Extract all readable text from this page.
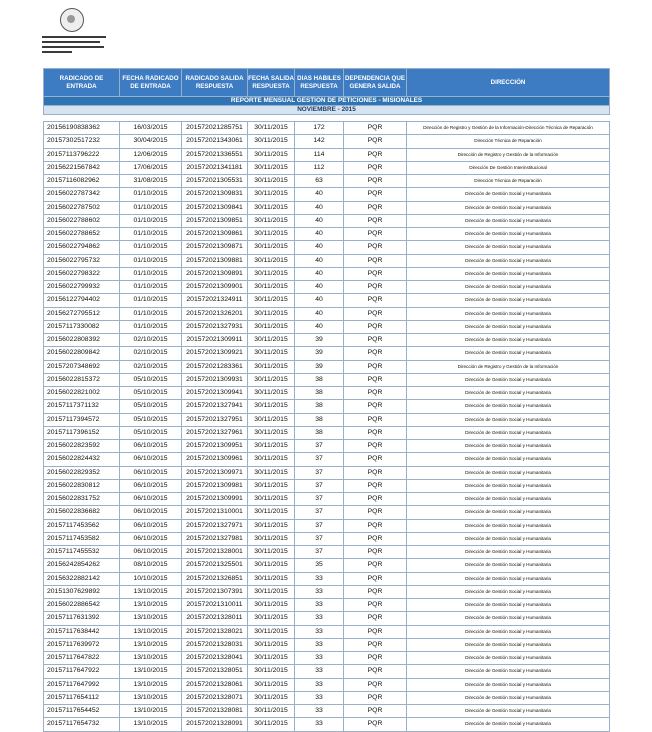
REPORTE MENSUAL GESTION DE PETICIONES - MISIONALES						
NOVIEMBRE - 2015						

RADICADO DE ENTRADA	FECHA RADICADO DE ENTRADA	RADICADO SALIDA RESPUESTA	FECHA SALIDA RESPUESTA	DIAS HABILES RESPUESTA	DEPENDENCIA QUE GENERA SALIDA	DIRECCIÓN
20156190838362	16/03/2015	201572021285751	30/11/2015	172	PQR	Dirección de Registro y Gestión de la Información-Dirección Técnica de Reparación
20157302517232	30/04/2015	201572021343061	30/11/2015	142	PQR	Dirección Técnica de Reparación
20157113796222	12/06/2015	201572021336551	30/11/2015	114	PQR	Dirección de Registro y Gestión de la Información
20156221567842	17/06/2015	201572021341181	30/11/2015	112	PQR	Dirección De Gestión Interinstitucional
20157116082962	31/08/2015	201572021305531	30/11/2015	63	PQR	Dirección Técnica de Reparación
20156022787342	01/10/2015	201572021309831	30/11/2015	40	PQR	Dirección de Gestión Social y Humanitaria
20156022787502	01/10/2015	201572021309841	30/11/2015	40	PQR	Dirección de Gestión Social y Humanitaria
20156022788602	01/10/2015	201572021309851	30/11/2015	40	PQR	Dirección de Gestión Social y Humanitaria
20156022788652	01/10/2015	201572021309861	30/11/2015	40	PQR	Dirección de Gestión Social y Humanitaria
20156022794862	01/10/2015	201572021309871	30/11/2015	40	PQR	Dirección de Gestión Social y Humanitaria
20156022795732	01/10/2015	201572021309881	30/11/2015	40	PQR	Dirección de Gestión Social y Humanitaria
20156022798322	01/10/2015	201572021309891	30/11/2015	40	PQR	Dirección de Gestión Social y Humanitaria
20156022799932	01/10/2015	201572021309901	30/11/2015	40	PQR	Dirección de Gestión Social y Humanitaria
20156122794402	01/10/2015	201572021324911	30/11/2015	40	PQR	Dirección de Gestión Social y Humanitaria
20156272795512	01/10/2015	201572021326201	30/11/2015	40	PQR	Dirección de Gestión Social y Humanitaria
20157117330082	01/10/2015	201572021327931	30/11/2015	40	PQR	Dirección de Gestión Social y Humanitaria
20156022808392	02/10/2015	201572021309911	30/11/2015	39	PQR	Dirección de Gestión Social y Humanitaria
20156022809842	02/10/2015	201572021309921	30/11/2015	39	PQR	Dirección de Gestión Social y Humanitaria
20157207348692	02/10/2015	201572021283361	30/11/2015	39	PQR	Dirección de Registro y Gestión de la Información
20156022815372	05/10/2015	201572021309931	30/11/2015	38	PQR	Dirección de Gestión Social y Humanitaria
20156022821002	05/10/2015	201572021309941	30/11/2015	38	PQR	Dirección de Gestión Social y Humanitaria
20157117371132	05/10/2015	201572021327941	30/11/2015	38	PQR	Dirección de Gestión Social y Humanitaria
20157117394572	05/10/2015	201572021327951	30/11/2015	38	PQR	Dirección de Gestión Social y Humanitaria
20157117396152	05/10/2015	201572021327961	30/11/2015	38	PQR	Dirección de Gestión Social y Humanitaria
20156022823592	06/10/2015	201572021309951	30/11/2015	37	PQR	Dirección de Gestión Social y Humanitaria
20156022824432	06/10/2015	201572021309961	30/11/2015	37	PQR	Dirección de Gestión Social y Humanitaria
20156022829352	06/10/2015	201572021309971	30/11/2015	37	PQR	Dirección de Gestión Social y Humanitaria
20156022830812	06/10/2015	201572021309981	30/11/2015	37	PQR	Dirección de Gestión Social y Humanitaria
20156022831752	06/10/2015	201572021309991	30/11/2015	37	PQR	Dirección de Gestión Social y Humanitaria
20156022836682	06/10/2015	201572021310001	30/11/2015	37	PQR	Dirección de Gestión Social y Humanitaria
20157117453562	06/10/2015	201572021327971	30/11/2015	37	PQR	Dirección de Gestión Social y Humanitaria
20157117453582	06/10/2015	201572021327981	30/11/2015	37	PQR	Dirección de Gestión Social y Humanitaria
20157117455532	06/10/2015	201572021328001	30/11/2015	37	PQR	Dirección de Gestión Social y Humanitaria
20156242854262	08/10/2015	201572021325501	30/11/2015	35	PQR	Dirección de Gestión Social y Humanitaria
20156322882142	10/10/2015	201572021326851	30/11/2015	33	PQR	Dirección de Gestión Social y Humanitaria
20151307629892	13/10/2015	201572021307391	30/11/2015	33	PQR	Dirección de Gestión Social y Humanitaria
20156022886542	13/10/2015	201572021310011	30/11/2015	33	PQR	Dirección de Gestión Social y Humanitaria
20157117631392	13/10/2015	201572021328011	30/11/2015	33	PQR	Dirección de Gestión Social y Humanitaria
20157117638442	13/10/2015	201572021328021	30/11/2015	33	PQR	Dirección de Gestión Social y Humanitaria
20157117639972	13/10/2015	201572021328031	30/11/2015	33	PQR	Dirección de Gestión Social y Humanitaria
20157117647822	13/10/2015	201572021328041	30/11/2015	33	PQR	Dirección de Gestión Social y Humanitaria
20157117647922	13/10/2015	201572021328051	30/11/2015	33	PQR	Dirección de Gestión Social y Humanitaria
20157117647992	13/10/2015	201572021328061	30/11/2015	33	PQR	Dirección de Gestión Social y Humanitaria
20157117654112	13/10/2015	201572021328071	30/11/2015	33	PQR	Dirección de Gestión Social y Humanitaria
20157117654452	13/10/2015	201572021328081	30/11/2015	33	PQR	Dirección de Gestión Social y Humanitaria
20157117654732	13/10/2015	201572021328091	30/11/2015	33	PQR	Dirección de Gestión Social y Humanitaria
